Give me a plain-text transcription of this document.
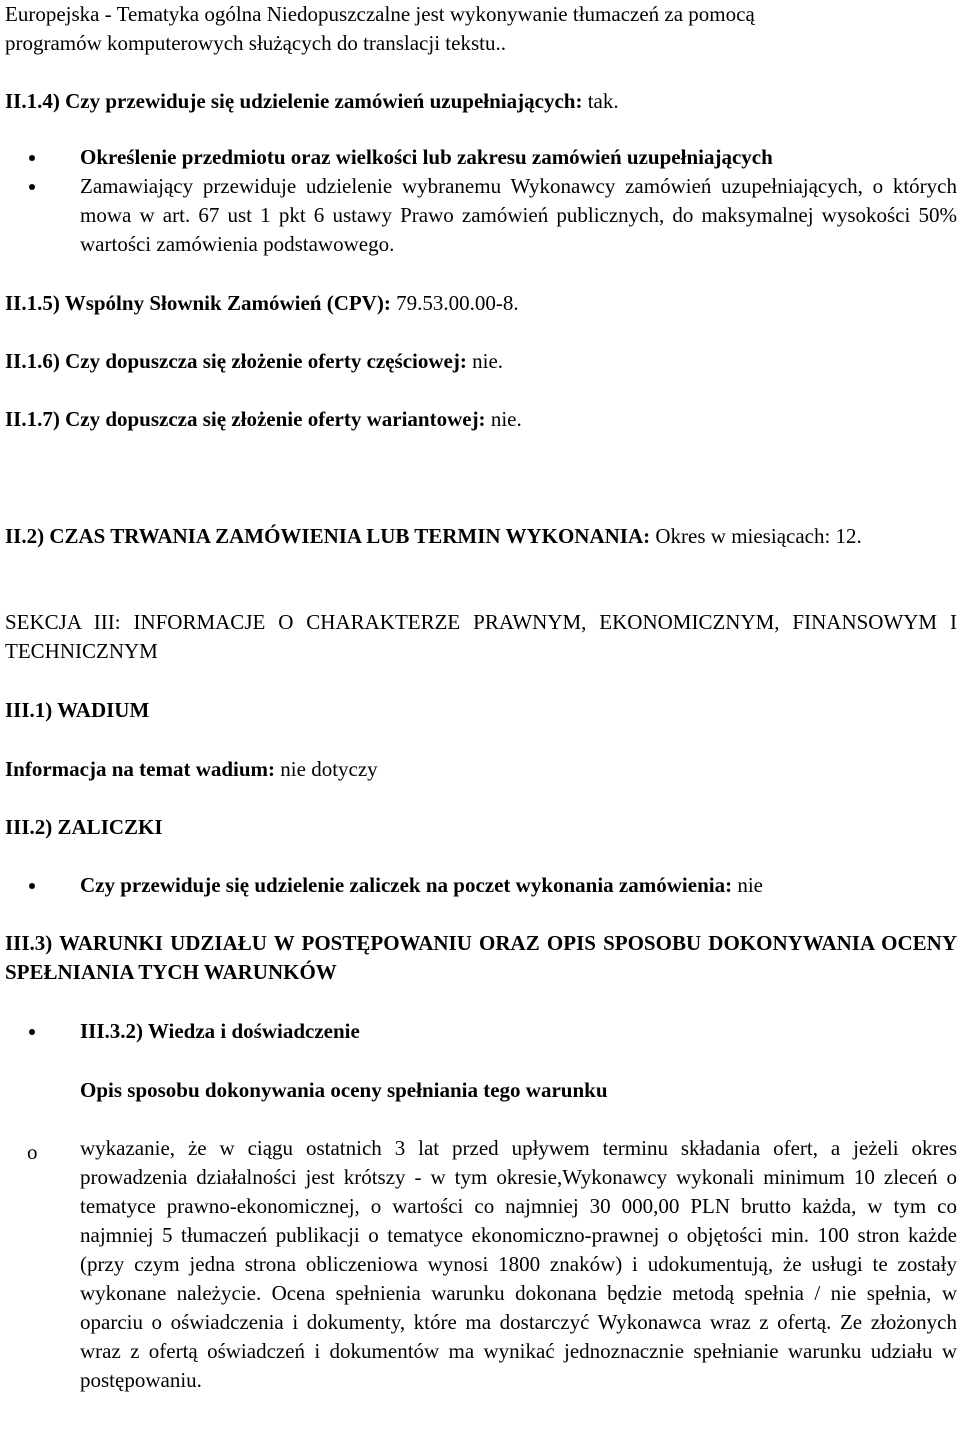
Europejska - Tematyka ogólna Niedopuszczalne jest wykonywanie tłumaczeń za pomocą

programów komputerowych służących do translacji tekstu..

II.1.4) Czy przewiduje się udzielenie zamówień uzupełniających: tak.

Określenie przedmiotu oraz wielkości lub zakresu zamówień uzupełniających

Zamawiający przewiduje udzielenie wybranemu Wykonawcy zamówień uzupełniających, o których mowa w art. 67 ust 1 pkt 6 ustawy Prawo zamówień publicznych, do maksymalnej wysokości 50% wartości zamówienia podstawowego.

II.1.5) Wspólny Słownik Zamówień (CPV): 79.53.00.00-8.

II.1.6) Czy dopuszcza się złożenie oferty częściowej: nie.

II.1.7) Czy dopuszcza się złożenie oferty wariantowej: nie.

II.2) CZAS TRWANIA ZAMÓWIENIA LUB TERMIN WYKONANIA: Okres w miesiącach: 12.

SEKCJA III: INFORMACJE O CHARAKTERZE PRAWNYM, EKONOMICZNYM, FINANSOWYM I TECHNICZNYM

III.1) WADIUM

Informacja na temat wadium: nie dotyczy

III.2) ZALICZKI

Czy przewiduje się udzielenie zaliczek na poczet wykonania zamówienia: nie

III.3) WARUNKI UDZIAŁU W POSTĘPOWANIU ORAZ OPIS SPOSOBU DOKONYWANIA OCENY SPEŁNIANIA TYCH WARUNKÓW

III.3.2) Wiedza i doświadczenie

Opis sposobu dokonywania oceny spełniania tego warunku

o wykazanie, że w ciągu ostatnich 3 lat przed upływem terminu składania ofert, a jeżeli okres prowadzenia działalności jest krótszy - w tym okresie,Wykonawcy wykonali minimum 10 zleceń o tematyce prawno-ekonomicznej, o wartości co najmniej 30 000,00 PLN brutto każda, w tym co najmniej 5 tłumaczeń publikacji o tematyce ekonomiczno-prawnej o objętości min. 100 stron każde (przy czym jedna strona obliczeniowa wynosi 1800 znaków) i udokumentują, że usługi te zostały wykonane należycie. Ocena spełnienia warunku dokonana będzie metodą spełnia / nie spełnia, w oparciu o oświadczenia i dokumenty, które ma dostarczyć Wykonawca wraz z ofertą. Ze złożonych wraz z ofertą oświadczeń i dokumentów ma wynikać jednoznacznie spełnianie warunku udziału w postępowaniu.
